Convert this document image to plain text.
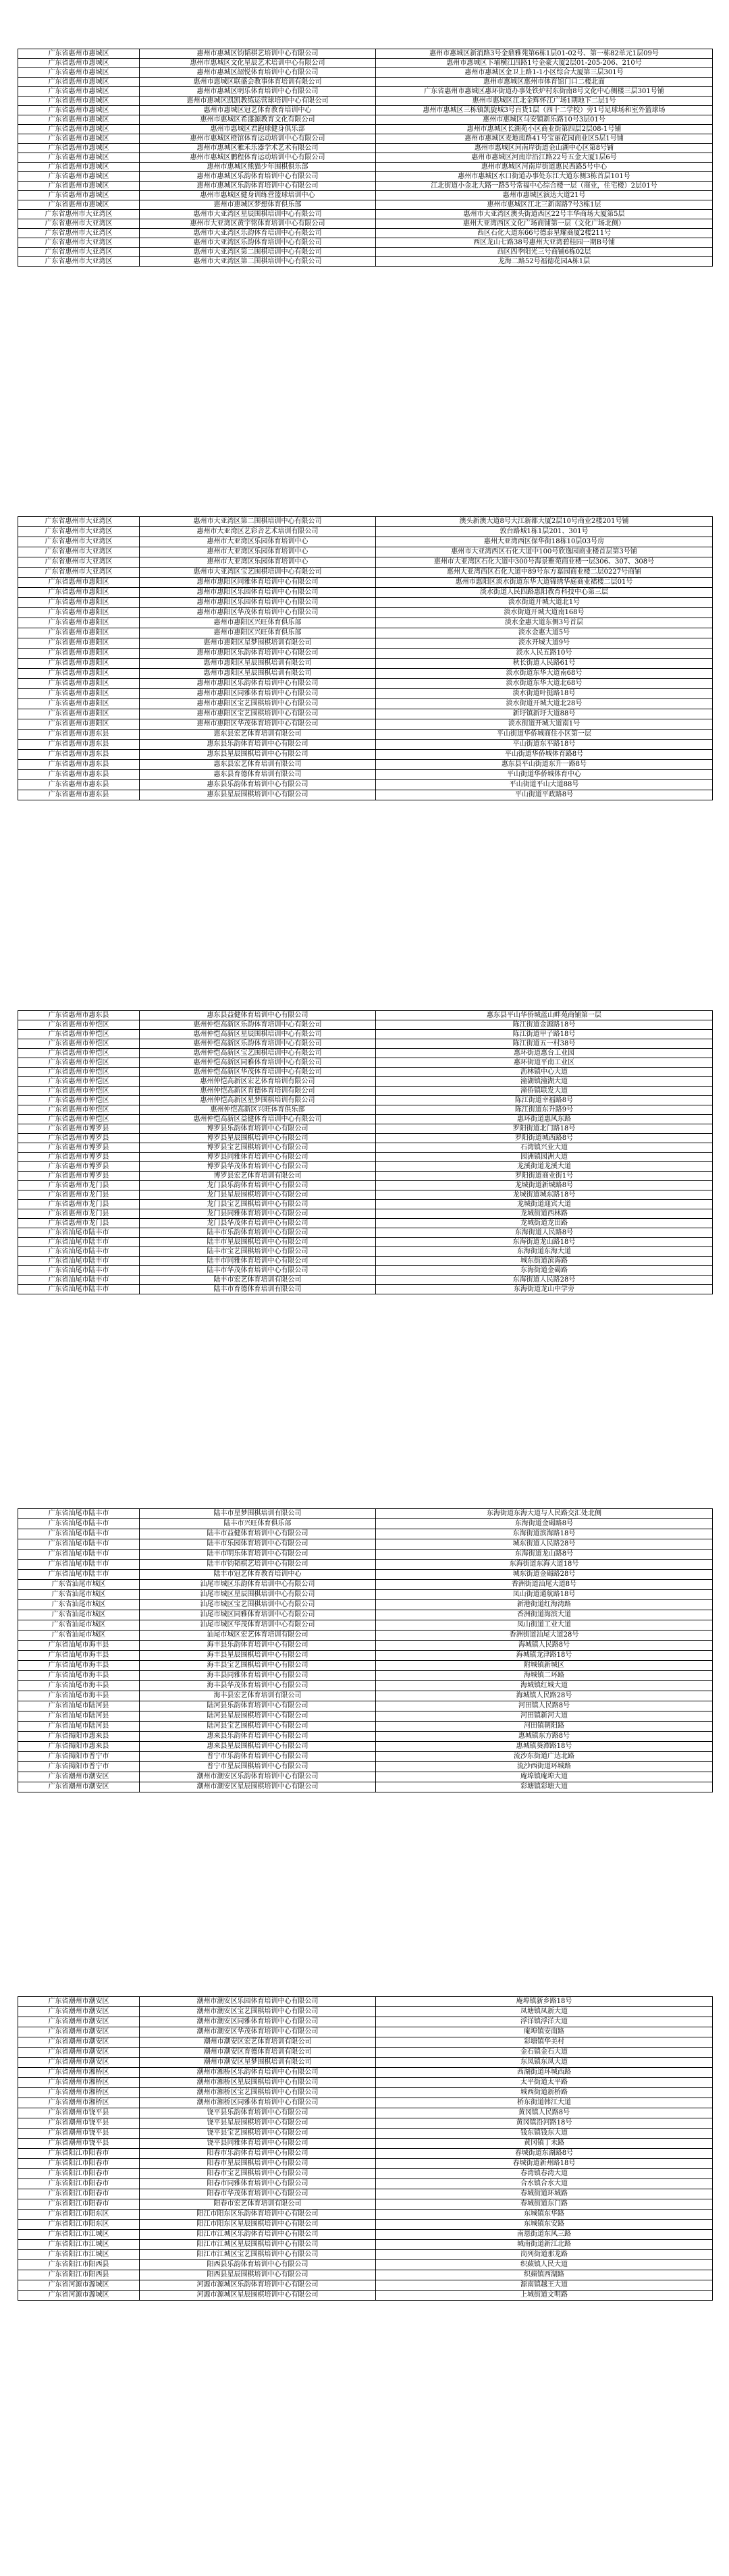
广东省惠州市惠城区	惠州市惠城区钧韬棋艺培训中心有限公司	惠州市惠城区新消路3号金鼎雅苑第6栋1层01-02号、第一栋82单元1层09号
广东省惠州市惠城区	惠州市惠城区文化星辰艺术培训中心有限公司	惠州市惠城区下埔横江四路1号金豪大厦2层01-205-206、210号
广东省惠州市惠城区	惠州市惠城区韶悦体育培训中心有限公司	惠州市惠城区金卫上路1-1小区综合大厦第三层301号
广东省惠州市惠城区	惠州市惠城区联盛会教事体育培训有限公司	惠州市惠城区惠州市体育馆门口二楼北面
广东省惠州市惠城区	惠州市惠城区明乐体育培训中心有限公司	广东省惠州市惠城区惠环街道办事处铁炉村东街南8号文化中心侧楼三层301号铺
广东省惠州市惠城区	惠州市惠城区凯凯教练运营球培训中心有限公司	惠州市惠城区江北金辉怀江广场1期地下二层1号
广东省惠州市惠城区	惠州市惠城区冠艺体育教育培训中心	惠州市惠城区三栋镇凯旋城3号百货1层（四十二学校）旁1号足球场和室外篮球场
广东省惠州市惠城区	惠州市惠城区希盛源教育文化有限公司	惠州市惠城区马安镇新乐路10号3层01号
广东省惠州市惠城区	惠州市惠城区君跑球健身俱乐部	惠州市惠城区长湖苑小区商业街第四层2层08-1号铺
广东省惠州市惠城区	惠州市惠城区橙馆体育运动培训中心有限公司	惠州市惠城区麦地南路41号宝丽花园商业区5层1号铺
广东省惠州市惠城区	惠州市惠城区雅禾乐器学术艺术有限公司	惠州市惠城区河南岸街道金山湖中心区第8号铺
广东省惠州市惠城区	惠州市惠城区鹏程体育运动培训中心有限公司	惠州市惠城区河南岸沿江路22号五金大厦1层6号
广东省惠州市惠城区	惠州市惠城区熊猫少年围棋俱乐部	惠州市惠城区河南岸街道惠民西路5号中心
广东省惠州市惠城区	惠州市惠城区乐韵体育培训中心有限公司	惠州市惠城区水口街道办事处东江大道东侧3栋首层101号
广东省惠州市惠城区	惠州市惠城区乐韵体育培训中心有限公司	江北街道小金北大路一路5号常福中心综合楼一层（商业，住宅楼）2层01号
广东省惠州市惠城区	惠州市惠城区健身训练营篮球培训中心	惠州市惠城区演达大道21号
广东省惠州市惠城区	惠州市惠城区梦想体育俱乐部	惠州市惠城区江北三新南路7号3栋1层
广东省惠州市大亚湾区	惠州市大亚湾区星辰围棋培训中心有限公司	惠州市大亚湾区澳头街道西区22号丰华商场大厦第5层
广东省惠州市大亚湾区	惠州市大亚湾区黄宇铭体育培训中心有限公司	惠州大亚湾西区文化广场商铺第一层（文化广场北侧）
广东省惠州市大亚湾区	惠州市大亚湾区乐韵体育培训中心有限公司	西区石化大道东66号德泰星耀商厦2楼211号
广东省惠州市大亚湾区	惠州市大亚湾区乐韵体育培训中心有限公司	西区龙山七路38号惠州大亚湾碧桂园一期B号铺
广东省惠州市大亚湾区	惠州市大亚湾区第二围棋培训中心有限公司	西区四季阳光三号商铺6栋02层
广东省惠州市大亚湾区	惠州市大亚湾区第二围棋培训中心有限公司	龙海二路52号福德花园A栋1层
广东省惠州市大亚湾区	惠州市大亚湾区第二围棋培训中心有限公司	澳头新澳大道8号大江新都大厦2层10号商业2楼201号铺
广东省惠州市大亚湾区	惠州市大亚湾区艺彩音艺术培训有限公司	敦台路城1栋1层201、301号
广东省惠州市大亚湾区	惠州市大亚湾区乐园体育培训中心	惠州大亚湾西区保华街18栋10层03号房
广东省惠州市大亚湾区	惠州市大亚湾区乐园体育培训中心	惠州市大亚湾西区石化大道中100号欣逸园商业楼首层第3号铺
广东省惠州市大亚湾区	惠州市大亚湾区乐园体育培训中心	惠州市大亚湾区石化大道中300号海景雅苑商业楼一层306、307、308号
广东省惠州市大亚湾区	惠州市大亚湾区宝艺围棋培训中心有限公司	惠州大亚湾西区石化大道中89号东方嘉园商业楼二层0227号商铺
广东省惠州市惠阳区	惠州市惠阳区同雅体育培训中心有限公司	惠州市惠阳区淡水街道东华大道锦绣华庭商业裙楼二层01号
广东省惠州市惠阳区	惠州市惠阳区乐园体育培训中心有限公司	淡水街道人民四路惠阳教育科技中心第三层
广东省惠州市惠阳区	惠州市惠阳区乐园体育培训中心有限公司	淡水街道开城大道北1号
广东省惠州市惠阳区	惠州市惠阳区华茂体育培训中心有限公司	淡水街道开城大道南168号
广东省惠州市惠阳区	惠州市惠阳区兴旺体育俱乐部	淡水金惠大道东侧3号首层
广东省惠州市惠阳区	惠州市惠阳区兴旺体育俱乐部	淡水金惠大道5号
广东省惠州市惠阳区	惠州市惠阳区星梦围棋培训有限公司	淡水开城大道9号
广东省惠州市惠阳区	惠州市惠阳区乐韵体育培训中心有限公司	淡水人民五路10号
广东省惠州市惠阳区	惠州市惠阳区星辰围棋培训有限公司	秋长街道人民路61号
广东省惠州市惠阳区	惠州市惠阳区星辰围棋培训有限公司	淡水街道东华大道南68号
广东省惠州市惠阳区	惠州市惠阳区乐韵体育培训中心有限公司	淡水街道东华大道北68号
广东省惠州市惠阳区	惠州市惠阳区同雅体育培训中心有限公司	淡水街道叶挺路18号
广东省惠州市惠阳区	惠州市惠阳区宝艺围棋培训中心有限公司	淡水街道开城大道北28号
广东省惠州市惠阳区	惠州市惠阳区宝艺围棋培训中心有限公司	新圩镇新圩大道88号
广东省惠州市惠阳区	惠州市惠阳区华茂体育培训中心有限公司	淡水街道开城大道南1号
广东省惠州市惠东县	惠东县宏艺体育培训有限公司	平山街道华侨城商住小区第一层
广东省惠州市惠东县	惠东县乐韵体育培训中心有限公司	平山街道东平路18号
广东省惠州市惠东县	惠东县星辰围棋培训中心有限公司	平山街道华侨城体育路8号
广东省惠州市惠东县	惠东县宏艺体育培训有限公司	惠东县平山街道东升一路8号
广东省惠州市惠东县	惠东县育德体育培训有限公司	平山街道华侨城体育中心
广东省惠州市惠东县	惠东县乐韵体育培训中心有限公司	平山街道平山大道88号
广东省惠州市惠东县	惠东县星辰围棋培训中心有限公司	平山街道平政路8号
广东省惠州市惠东县	惠东县益健体育培训中心有限公司	惠东县平山华侨城蓝山畔苑商铺第一层
广东省惠州市仲恺区	惠州仲恺高新区乐韵体育培训中心有限公司	陈江街道金源路18号
广东省惠州市仲恺区	惠州仲恺高新区星辰围棋培训中心有限公司	陈江街道甲子路18号
广东省惠州市仲恺区	惠州仲恺高新区乐韵体育培训中心有限公司	陈江街道五一村38号
广东省惠州市仲恺区	惠州仲恺高新区宝艺围棋培训中心有限公司	惠环街道惠台工业园
广东省惠州市仲恺区	惠州仲恺高新区同雅体育培训中心有限公司	惠环街道平南工业区
广东省惠州市仲恺区	惠州仲恺高新区华茂体育培训中心有限公司	沥林镇中心大道
广东省惠州市仲恺区	惠州仲恺高新区宏艺体育培训有限公司	潼湖镇潼湖大道
广东省惠州市仲恺区	惠州仲恺高新区育德体育培训有限公司	潼侨镇联发大道
广东省惠州市仲恺区	惠州仲恺高新区星梦围棋培训有限公司	陈江街道幸福路8号
广东省惠州市仲恺区	惠州仲恺高新区兴旺体育俱乐部	陈江街道东升路9号
广东省惠州市仲恺区	惠州仲恺高新区益健体育培训中心有限公司	惠环街道惠风东路
广东省惠州市博罗县	博罗县乐韵体育培训中心有限公司	罗阳街道北门路18号
广东省惠州市博罗县	博罗县星辰围棋培训中心有限公司	罗阳街道城西路8号
广东省惠州市博罗县	博罗县宝艺围棋培训中心有限公司	石湾镇兴业大道
广东省惠州市博罗县	博罗县同雅体育培训中心有限公司	园洲镇园洲大道
广东省惠州市博罗县	博罗县华茂体育培训中心有限公司	龙溪街道龙溪大道
广东省惠州市博罗县	博罗县宏艺体育培训有限公司	罗阳街道商业街1号
广东省惠州市龙门县	龙门县乐韵体育培训中心有限公司	龙城街道新城路8号
广东省惠州市龙门县	龙门县星辰围棋培训中心有限公司	龙城街道城东路18号
广东省惠州市龙门县	龙门县宝艺围棋培训中心有限公司	龙城街道迎宾大道
广东省惠州市龙门县	龙门县同雅体育培训中心有限公司	龙城街道西林路
广东省惠州市龙门县	龙门县华茂体育培训中心有限公司	龙城街道龙田路
广东省汕尾市陆丰市	陆丰市乐韵体育培训中心有限公司	东海街道人民路8号
广东省汕尾市陆丰市	陆丰市星辰围棋培训中心有限公司	东海街道龙山路18号
广东省汕尾市陆丰市	陆丰市宝艺围棋培训中心有限公司	东海街道东海大道
广东省汕尾市陆丰市	陆丰市同雅体育培训中心有限公司	城东街道滨海路
广东省汕尾市陆丰市	陆丰市华茂体育培训中心有限公司	东海街道金碣路
广东省汕尾市陆丰市	陆丰市宏艺体育培训有限公司	东海街道人民路28号
广东省汕尾市陆丰市	陆丰市育德体育培训有限公司	东海街道龙山中学旁
广东省汕尾市陆丰市	陆丰市星梦围棋培训有限公司	东海街道东海大道与人民路交汇处北侧
广东省汕尾市陆丰市	陆丰市兴旺体育俱乐部	东海街道金碣路8号
广东省汕尾市陆丰市	陆丰市益健体育培训中心有限公司	东海街道滨海路18号
广东省汕尾市陆丰市	陆丰市乐园体育培训中心有限公司	城东街道人民路28号
广东省汕尾市陆丰市	陆丰市明乐体育培训中心有限公司	东海街道龙山路8号
广东省汕尾市陆丰市	陆丰市钧韬棋艺培训中心有限公司	东海街道东海大道18号
广东省汕尾市陆丰市	陆丰市冠艺体育教育培训中心	城东街道金碣路28号
广东省汕尾市城区	汕尾市城区乐韵体育培训中心有限公司	香洲街道汕尾大道8号
广东省汕尾市城区	汕尾市城区星辰围棋培训中心有限公司	凤山街道通航路18号
广东省汕尾市城区	汕尾市城区宝艺围棋培训中心有限公司	新港街道红海湾路
广东省汕尾市城区	汕尾市城区同雅体育培训中心有限公司	香洲街道海滨大道
广东省汕尾市城区	汕尾市城区华茂体育培训中心有限公司	凤山街道工业大道
广东省汕尾市城区	汕尾市城区宏艺体育培训有限公司	香洲街道汕尾大道28号
广东省汕尾市海丰县	海丰县乐韵体育培训中心有限公司	海城镇人民路8号
广东省汕尾市海丰县	海丰县星辰围棋培训中心有限公司	海城镇龙津路18号
广东省汕尾市海丰县	海丰县宝艺围棋培训中心有限公司	附城镇新城区
广东省汕尾市海丰县	海丰县同雅体育培训中心有限公司	海城镇二环路
广东省汕尾市海丰县	海丰县华茂体育培训中心有限公司	海城镇红城大道
广东省汕尾市海丰县	海丰县宏艺体育培训有限公司	海城镇人民路28号
广东省汕尾市陆河县	陆河县乐韵体育培训中心有限公司	河田镇人民路8号
广东省汕尾市陆河县	陆河县星辰围棋培训中心有限公司	河田镇新河大道
广东省汕尾市陆河县	陆河县宝艺围棋培训中心有限公司	河田镇朝阳路
广东省揭阳市惠来县	惠来县乐韵体育培训中心有限公司	惠城镇东方路8号
广东省揭阳市惠来县	惠来县星辰围棋培训中心有限公司	惠城镇葵潭路18号
广东省揭阳市普宁市	普宁市乐韵体育培训中心有限公司	流沙东街道广达北路
广东省揭阳市普宁市	普宁市星辰围棋培训中心有限公司	流沙西街道环城路
广东省潮州市潮安区	潮州市潮安区乐韵体育培训中心有限公司	庵埠镇庵埠大道
广东省潮州市潮安区	潮州市潮安区星辰围棋培训中心有限公司	彩塘镇彩塘大道
广东省潮州市潮安区	潮州市潮安区乐园体育培训中心有限公司	庵埠镇新乡路18号
广东省潮州市潮安区	潮州市潮安区宝艺围棋培训中心有限公司	凤塘镇凤新大道
广东省潮州市潮安区	潮州市潮安区同雅体育培训中心有限公司	浮洋镇浮洋大道
广东省潮州市潮安区	潮州市潮安区华茂体育培训中心有限公司	庵埠镇安南路
广东省潮州市潮安区	潮州市潮安区宏艺体育培训有限公司	彩塘镇华美村
广东省潮州市潮安区	潮州市潮安区育德体育培训有限公司	金石镇金石大道
广东省潮州市潮安区	潮州市潮安区星梦围棋培训有限公司	东凤镇东凤大道
广东省潮州市湘桥区	潮州市湘桥区乐韵体育培训中心有限公司	西湖街道环城西路
广东省潮州市湘桥区	潮州市湘桥区星辰围棋培训中心有限公司	太平街道太平路
广东省潮州市湘桥区	潮州市湘桥区宝艺围棋培训中心有限公司	城西街道新桥路
广东省潮州市湘桥区	潮州市湘桥区同雅体育培训中心有限公司	桥东街道韩江大道
广东省潮州市饶平县	饶平县乐韵体育培训中心有限公司	黄冈镇人民路8号
广东省潮州市饶平县	饶平县星辰围棋培训中心有限公司	黄冈镇沿河路18号
广东省潮州市饶平县	饶平县宝艺围棋培训中心有限公司	钱东镇钱东大道
广东省潮州市饶平县	饶平县同雅体育培训中心有限公司	黄冈镇丁未路
广东省阳江市阳春市	阳春市乐韵体育培训中心有限公司	春城街道东湖路8号
广东省阳江市阳春市	阳春市星辰围棋培训中心有限公司	春城街道新州路18号
广东省阳江市阳春市	阳春市宝艺围棋培训中心有限公司	春湾镇春湾大道
广东省阳江市阳春市	阳春市同雅体育培训中心有限公司	合水镇合水大道
广东省阳江市阳春市	阳春市华茂体育培训中心有限公司	春城街道环城路
广东省阳江市阳春市	阳春市宏艺体育培训有限公司	春城街道东门路
广东省阳江市阳东区	阳江市阳东区乐韵体育培训中心有限公司	东城镇东华路
广东省阳江市阳东区	阳江市阳东区星辰围棋培训中心有限公司	东城镇东安路
广东省阳江市江城区	阳江市江城区乐韵体育培训中心有限公司	南恩街道东风三路
广东省阳江市江城区	阳江市江城区星辰围棋培训中心有限公司	城南街道新江北路
广东省阳江市江城区	阳江市江城区宝艺围棋培训中心有限公司	岗列街道那龙路
广东省阳江市阳西县	阳西县乐韵体育培训中心有限公司	织𬞟镇人民大道
广东省阳江市阳西县	阳西县星辰围棋培训中心有限公司	织𬞟镇西湖路
广东省河源市源城区	河源市源城区乐韵体育培训中心有限公司	源南镇越王大道
广东省河源市源城区	河源市源城区星辰围棋培训中心有限公司	上城街道文明路
